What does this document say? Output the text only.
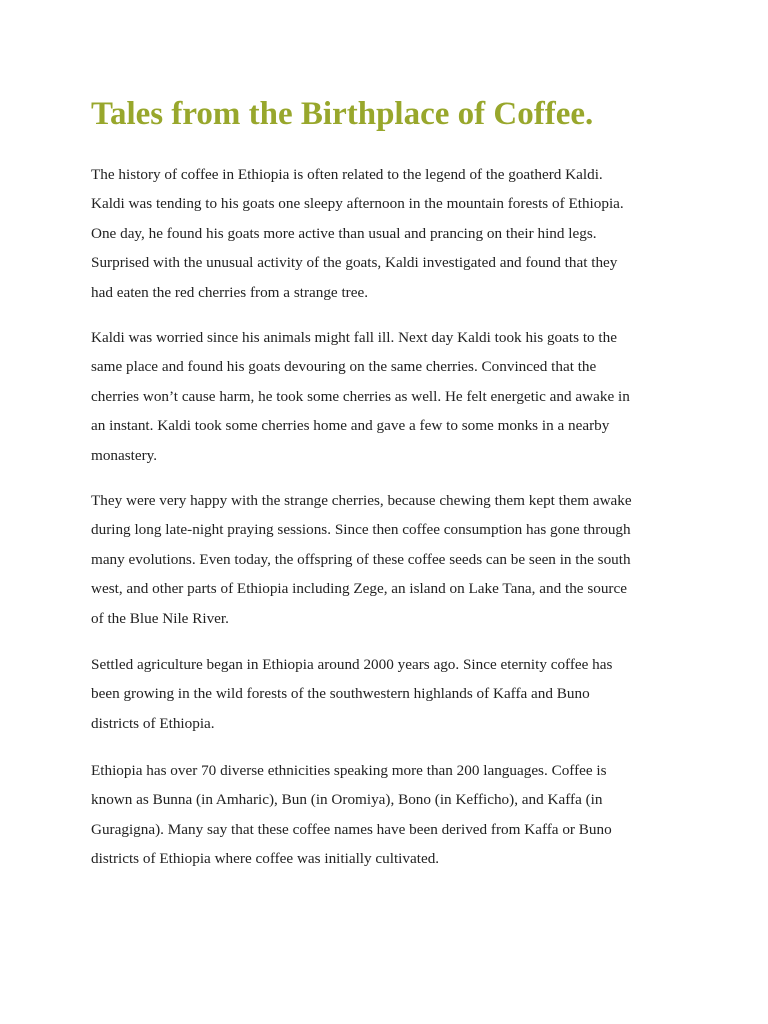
Tales from the Birthplace of Coffee.

The history of coffee in Ethiopia is often related to the legend of the goatherd Kaldi.
Kaldi was tending to his goats one sleepy afternoon in the mountain forests of Ethiopia.
One day, he found his goats more active than usual and prancing on their hind legs.
Surprised with the unusual activity of the goats, Kaldi investigated and found that they
had eaten the red cherries from a strange tree.

Kaldi was worried since his animals might fall ill. Next day Kaldi took his goats to the
same place and found his goats devouring on the same cherries. Convinced that the
cherries won’t cause harm, he took some cherries as well. He felt energetic and awake in
an instant. Kaldi took some cherries home and gave a few to some monks in a nearby
monastery.

They were very happy with the strange cherries, because chewing them kept them awake
during long late-night praying sessions. Since then coffee consumption has gone through
many evolutions. Even today, the offspring of these coffee seeds can be seen in the south
west, and other parts of Ethiopia including Zege, an island on Lake Tana, and the source
of the Blue Nile River.

Settled agriculture began in Ethiopia around 2000 years ago. Since eternity coffee has
been growing in the wild forests of the southwestern highlands of Kaffa and Buno
districts of Ethiopia.

Ethiopia has over 70 diverse ethnicities speaking more than 200 languages. Coffee is
known as Bunna (in Amharic), Bun (in Oromiya), Bono (in Kefficho), and Kaffa (in
Guragigna). Many say that these coffee names have been derived from Kaffa or Buno
districts of Ethiopia where coffee was initially cultivated.
